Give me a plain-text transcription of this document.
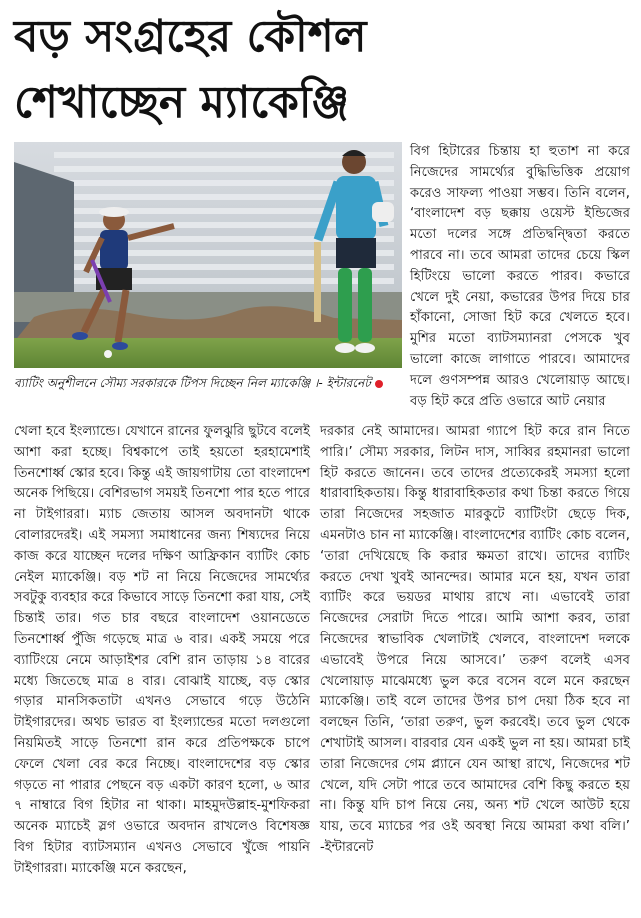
বড় সংগ্রহের কৌশল
শেখাচ্ছেন ম্যাকেঞ্জি
ব্যাটিং অনুশীলনে সৌম্য সরকারকে টিপস দিচ্ছেন নিল ম্যাকেঞ্জি ।- ইন্টারনেট

বিগ হিটারের চিন্তায় হা হুতাশ না করে নিজেদের সামর্থ্যের বুদ্ধিভিত্তিক প্রয়োগ করেও সাফল্য পাওয়া সম্ভব। তিনি বলেন, ‘বাংলাদেশ বড় ছক্কায় ওয়েস্ট ইন্ডিজের মতো দলের সঙ্গে প্রতিদ্বন্দ্বিতা করতে পারবে না। তবে আমরা তাদের চেয়ে স্কিল হিটিংয়ে ভালো করতে পারব। কভারে খেলে দুই নেয়া, কভারের উপর দিয়ে চার হাঁকানো, সোজা হিট করে খেলতে হবে। মুশির মতো ব্যাটসম্যানরা পেসকে খুব ভালো কাজে লাগাতে পারবে। আমাদের দলে গুণসম্পন্ন আরও খেলোয়াড় আছে। বড় হিট করে প্রতি ওভারে আট নেয়ার

খেলা হবে ইংল্যান্ডে। যেখানে রানের ফুলঝুরি ছুটবে বলেই আশা করা হচ্ছে। বিশ্বকাপে তাই হয়তো হরহামেশাই তিনশোর্ধ্ব স্কোর হবে। কিন্তু এই জায়গাটায় তো বাংলাদেশ অনেক পিছিয়ে। বেশিরভাগ সময়ই তিনশো পার হতে পারে না টাইগাররা। ম্যাচ জেতায় আসল অবদানটা থাকে বোলারদেরই। এই সমস্যা সমাধানের জন্য শিষ্যদের নিয়ে কাজ করে যাচ্ছেন দলের দক্ষিণ আফ্রিকান ব্যাটিং কোচ নেইল ম্যাকেঞ্জি। বড় শট না নিয়ে নিজেদের সামর্থ্যের সবটুকু ব্যবহার করে কিভাবে সাড়ে তিনশো করা যায়, সেই চিন্তাই তার। গত চার বছরে বাংলাদেশ ওয়ানডেতে তিনশোর্ধ্ব পুঁজি গড়েছে মাত্র ৬ বার। একই সময়ে পরে ব্যাটিংয়ে নেমে আড়াইশর বেশি রান তাড়ায় ১৪ বারের মধ্যে জিতেছে মাত্র ৪ বার। বোঝাই যাচ্ছে, বড় স্কোর গড়ার মানসিকতাটা এখনও সেভাবে গড়ে উঠেনি টাইগারদের। অথচ ভারত বা ইংল্যান্ডের মতো দলগুলো নিয়মিতই সাড়ে তিনশো রান করে প্রতিপক্ষকে চাপে ফেলে খেলা বের করে নিচ্ছে। বাংলাদেশের বড় স্কোর গড়তে না পারার পেছনে বড় একটা কারণ হলো, ৬ আর ৭ নাম্বারে বিগ হিটার না থাকা। মাহমুদউল্লাহ-মুশফিকরা অনেক ম্যাচেই স্লগ ওভারে অবদান রাখলেও বিশেষজ্ঞ বিগ হিটার ব্যাটসম্যান এখনও সেভাবে খুঁজে পায়নি টাইগাররা। ম্যাকেঞ্জি মনে করছেন,

দরকার নেই আমাদের। আমরা গ্যাপে হিট করে রান নিতে পারি।’ সৌম্য সরকার, লিটন দাস, সাব্বির রহমানরা ভালো হিট করতে জানেন। তবে তাদের প্রত্যেকেরই সমস্যা হলো ধারাবাহিকতায়। কিন্তু ধারাবাহিকতার কথা চিন্তা করতে গিয়ে তারা নিজেদের সহজাত মারকুটে ব্যাটিংটা ছেড়ে দিক, এমনটাও চান না ম্যাকেঞ্জি। বাংলাদেশের ব্যাটিং কোচ বলেন, ‘তারা দেখিয়েছে কি করার ক্ষমতা রাখে। তাদের ব্যাটিং করতে দেখা খুবই আনন্দের। আমার মনে হয়, যখন তারা ব্যাটিং করে ভয়ডর মাথায় রাখে না। এভাবেই তারা নিজেদের সেরাটা দিতে পারে। আমি আশা করব, তারা নিজেদের স্বাভাবিক খেলাটাই খেলবে, বাংলাদেশ দলকে এভাবেই উপরে নিয়ে আসবে।’ তরুণ বলেই এসব খেলোয়াড় মাঝেমধ্যে ভুল করে বসেন বলে মনে করছেন ম্যাকেঞ্জি। তাই বলে তাদের উপর চাপ দেয়া ঠিক হবে না বলছেন তিনি, ‘তারা তরুণ, ভুল করবেই। তবে ভুল থেকে শেখাটাই আসল। বারবার যেন একই ভুল না হয়। আমরা চাই তারা নিজেদের গেম প্ল্যানে যেন আস্থা রাখে, নিজেদের শট খেলে, যদি সেটা পারে তবে আমাদের বেশি কিছু করতে হয় না। কিন্তু যদি চাপ নিয়ে নেয়, অন্য শট খেলে আউট হয়ে যায়, তবে ম্যাচের পর ওই অবস্থা নিয়ে আমরা কথা বলি।’ -ইন্টারনেট
